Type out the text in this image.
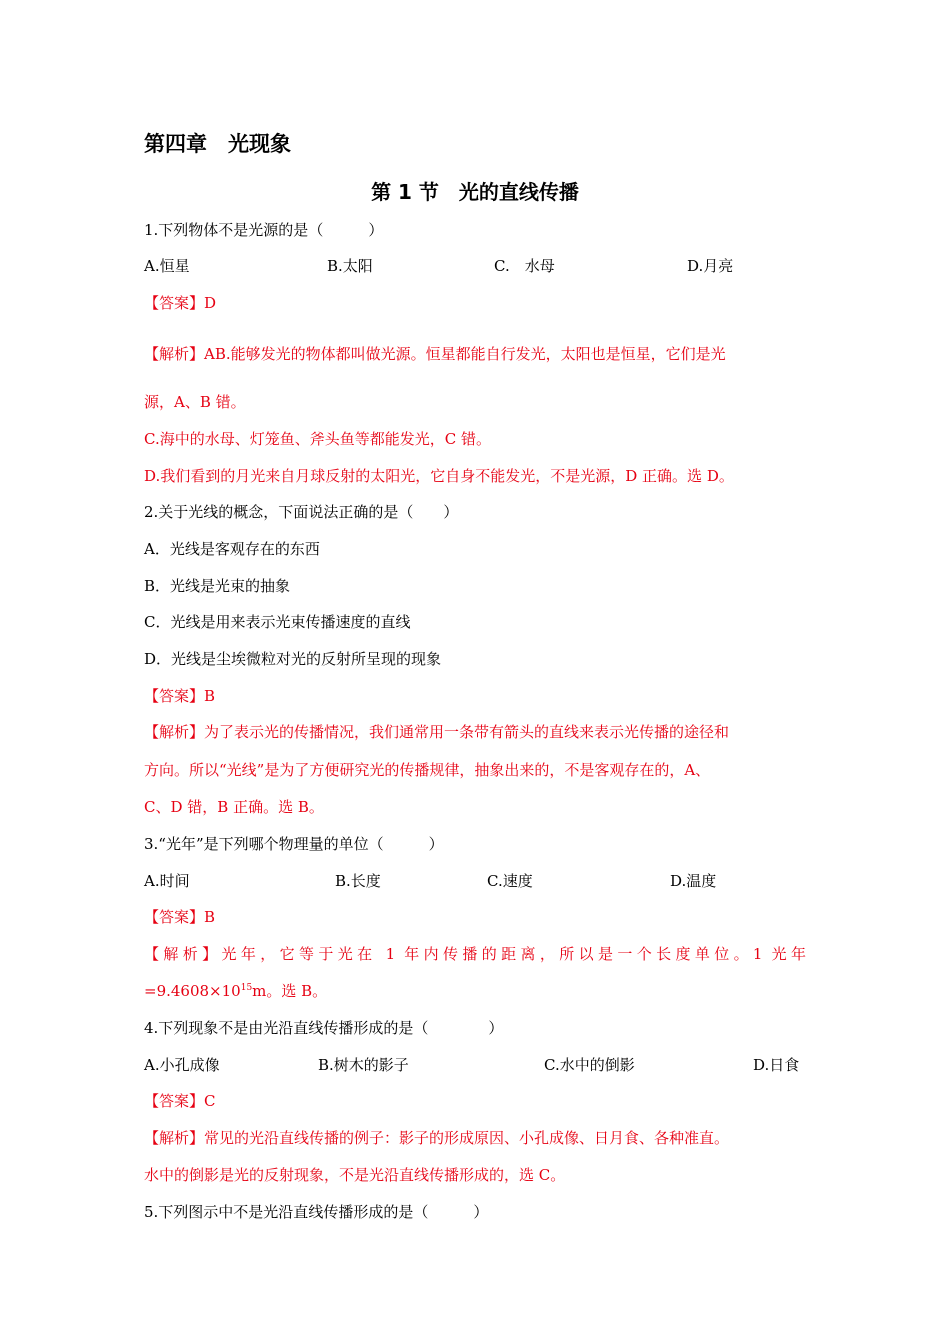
第四章　光现象
第 1 节　光的直线传播
1.下列物体不是光源的是（　　　）
A.恒星	B.太阳	C.　水母	D.月亮
【答案】D
【解析】AB.能够发光的物体都叫做光源。恒星都能自行发光，太阳也是恒星，它们是光
源，A、B 错。
C.海中的水母、灯笼鱼、斧头鱼等都能发光，C 错。
D.我们看到的月光来自月球反射的太阳光，它自身不能发光，不是光源，D 正确。选 D。
2.关于光线的概念，下面说法正确的是（　　）
A．光线是客观存在的东西
B．光线是光束的抽象
C．光线是用来表示光束传播速度的直线
D．光线是尘埃微粒对光的反射所呈现的现象
【答案】B
【解析】为了表示光的传播情况，我们通常用一条带有箭头的直线来表示光传播的途径和
方向。所以“光线”是为了方便研究光的传播规律，抽象出来的，不是客观存在的，A、
C、D 错，B 正确。选 B。
3.“光年”是下列哪个物理量的单位（　　　）
A.时间	B.长度	C.速度	D.温度
【答案】B
【解析】光年，它等于光在 1 年内传播的距离，所以是一个长度单位。1 光年
$=9.4608\times 10^{15}m$。选 B。
4.下列现象不是由光沿直线传播形成的是（　　　　）
A.小孔成像	B.树木的影子	C.水中的倒影	D.日食
【答案】C
【解析】常见的光沿直线传播的例子：影子的形成原因、小孔成像、日月食、各种准直。
水中的倒影是光的反射现象，不是光沿直线传播形成的，选 C。
5.下列图示中不是光沿直线传播形成的是（　　　）
